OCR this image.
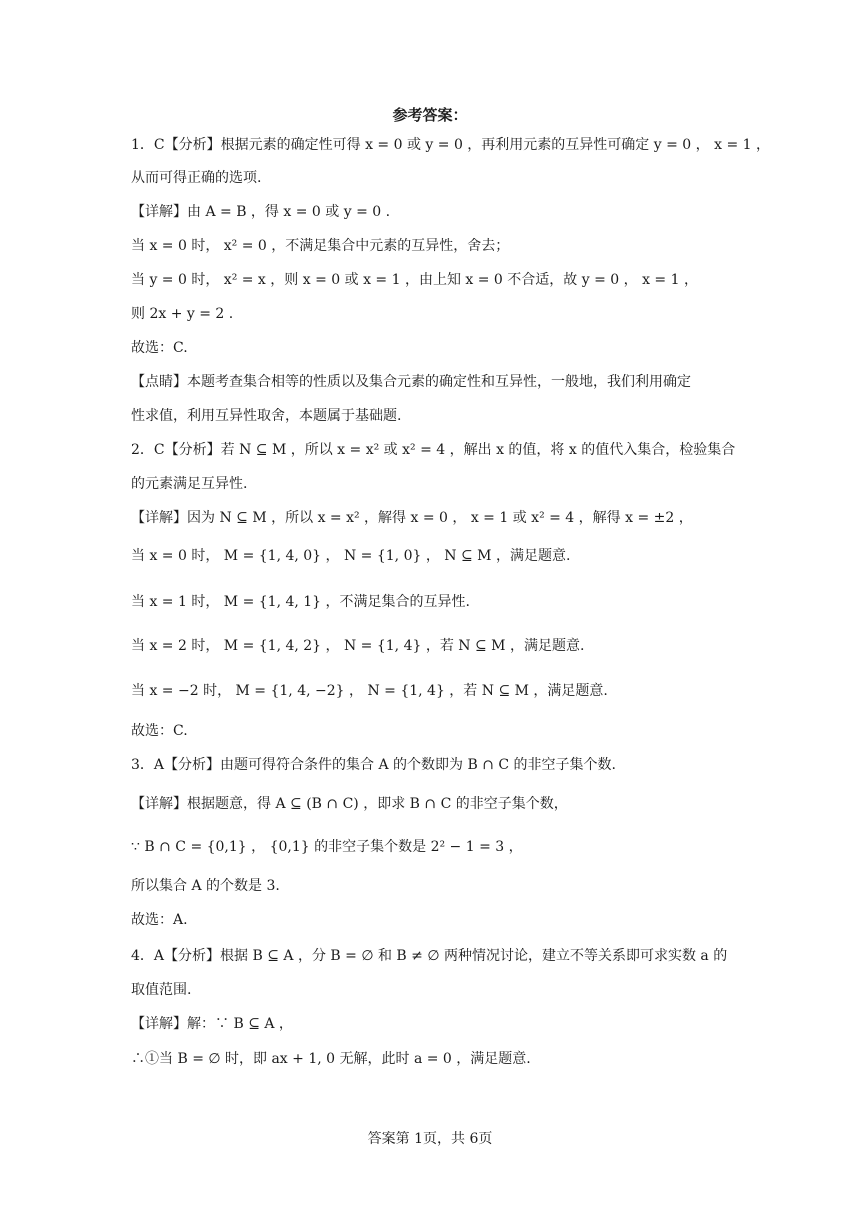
参考答案：
1．C【分析】根据元素的确定性可得 x = 0 或 y = 0 ，再利用元素的互异性可确定 y = 0 ， x = 1 ，
从而可得正确的选项.
【详解】由 A = B ，得 x = 0 或 y = 0 .
当 x = 0 时， x² = 0 ，不满足集合中元素的互异性，舍去；
当 y = 0 时， x² = x ，则 x = 0 或 x = 1 ，由上知 x = 0 不合适，故 y = 0 ， x = 1 ，
则 2x + y = 2 .
故选：C.
【点睛】本题考查集合相等的性质以及集合元素的确定性和互异性，一般地，我们利用确定
性求值，利用互异性取舍，本题属于基础题.
2．C【分析】若 N ⊆ M ，所以 x = x² 或 x² = 4 ，解出 x 的值，将 x 的值代入集合，检验集合
的元素满足互异性.
【详解】因为 N ⊆ M ，所以 x = x² ，解得 x = 0 ， x = 1 或 x² = 4 ，解得 x = ±2 ，
当 x = 0 时， M = {1, 4, 0} ， N = {1, 0} ， N ⊆ M ，满足题意.
当 x = 1 时， M = {1, 4, 1} ，不满足集合的互异性.
当 x = 2 时， M = {1, 4, 2} ， N = {1, 4} ，若 N ⊆ M ，满足题意.
当 x = −2 时， M = {1, 4, −2} ， N = {1, 4} ，若 N ⊆ M ，满足题意.
故选：C.
3．A【分析】由题可得符合条件的集合 A 的个数即为 B ∩ C 的非空子集个数.
【详解】根据题意，得 A ⊆ (B ∩ C) ，即求 B ∩ C 的非空子集个数，
∵ B ∩ C = {0,1} ， {0,1} 的非空子集个数是 2² − 1 = 3 ，
所以集合 A 的个数是 3.
故选：A.
4．A【分析】根据 B ⊆ A ，分 B = ∅ 和 B ≠ ∅ 两种情况讨论，建立不等关系即可求实数 a 的
取值范围.
【详解】解：∵ B ⊆ A ，
∴①当 B = ∅ 时，即 ax + 1, 0 无解，此时 a = 0 ，满足题意.
答案第 1页，共 6页
